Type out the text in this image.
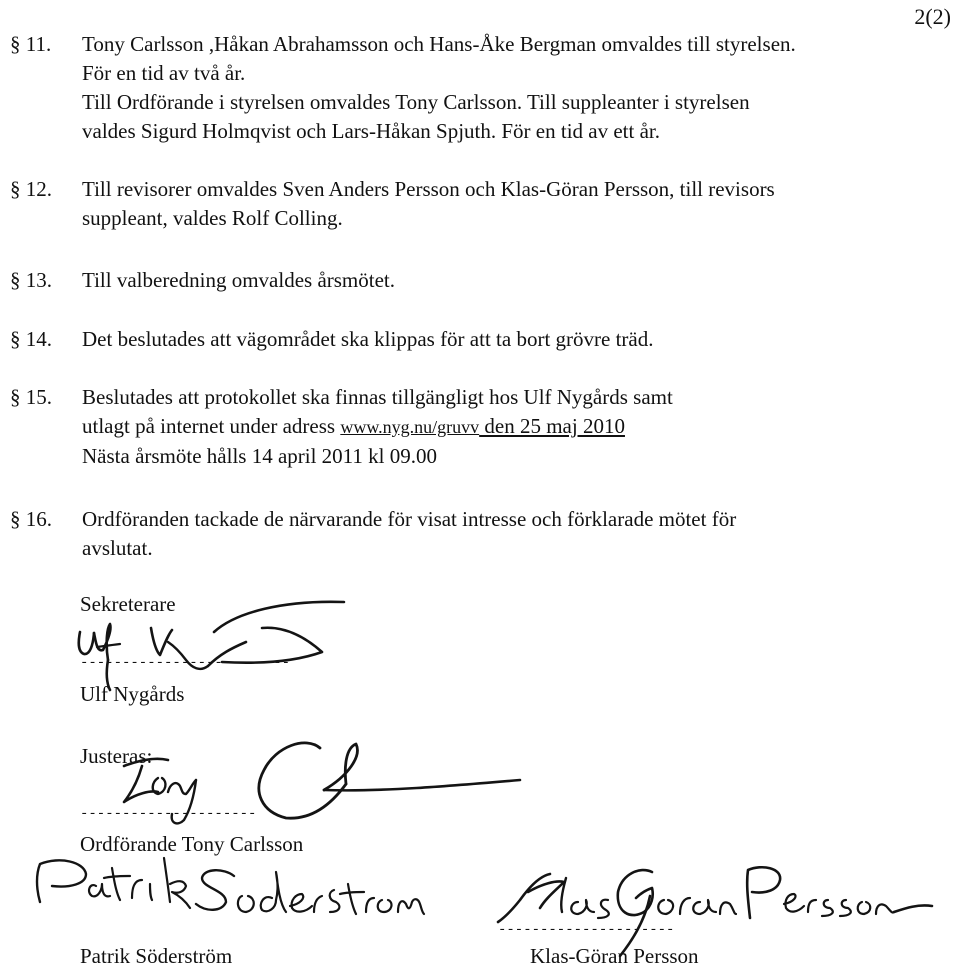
2(2)
§ 11.	Tony Carlsson ,Håkan Abrahamsson och Hans-Åke Bergman omvaldes till styrelsen.
För en tid av två år.
Till Ordförande i styrelsen omvaldes Tony Carlsson. Till suppleanter i styrelsen
valdes Sigurd Holmqvist och Lars-Håkan Spjuth. För en tid av ett år.
§ 12.	Till revisorer omvaldes Sven Anders Persson och Klas-Göran Persson, till revisors
suppleant, valdes Rolf Colling.
§ 13.	Till valberedning omvaldes årsmötet.
§ 14.	Det beslutades att vägområdet ska klippas för att ta bort grövre träd.
§ 15.	Beslutades att protokollet ska finnas tillgängligt hos Ulf Nygårds samt
utlagt på internet under adress www.nyg.nu/gruvv den 25 maj 2010
Nästa årsmöte hålls 14 april 2011 kl 09.00
§ 16.	Ordföranden tackade de närvarande för visat intresse och förklarade mötet för
avslutat.
Sekreterare
-------------------------
Ulf Nygårds
Justeras:
---------------------
Ordförande Tony Carlsson
Patrik Söderström
---------------------
Klas-Göran Persson
